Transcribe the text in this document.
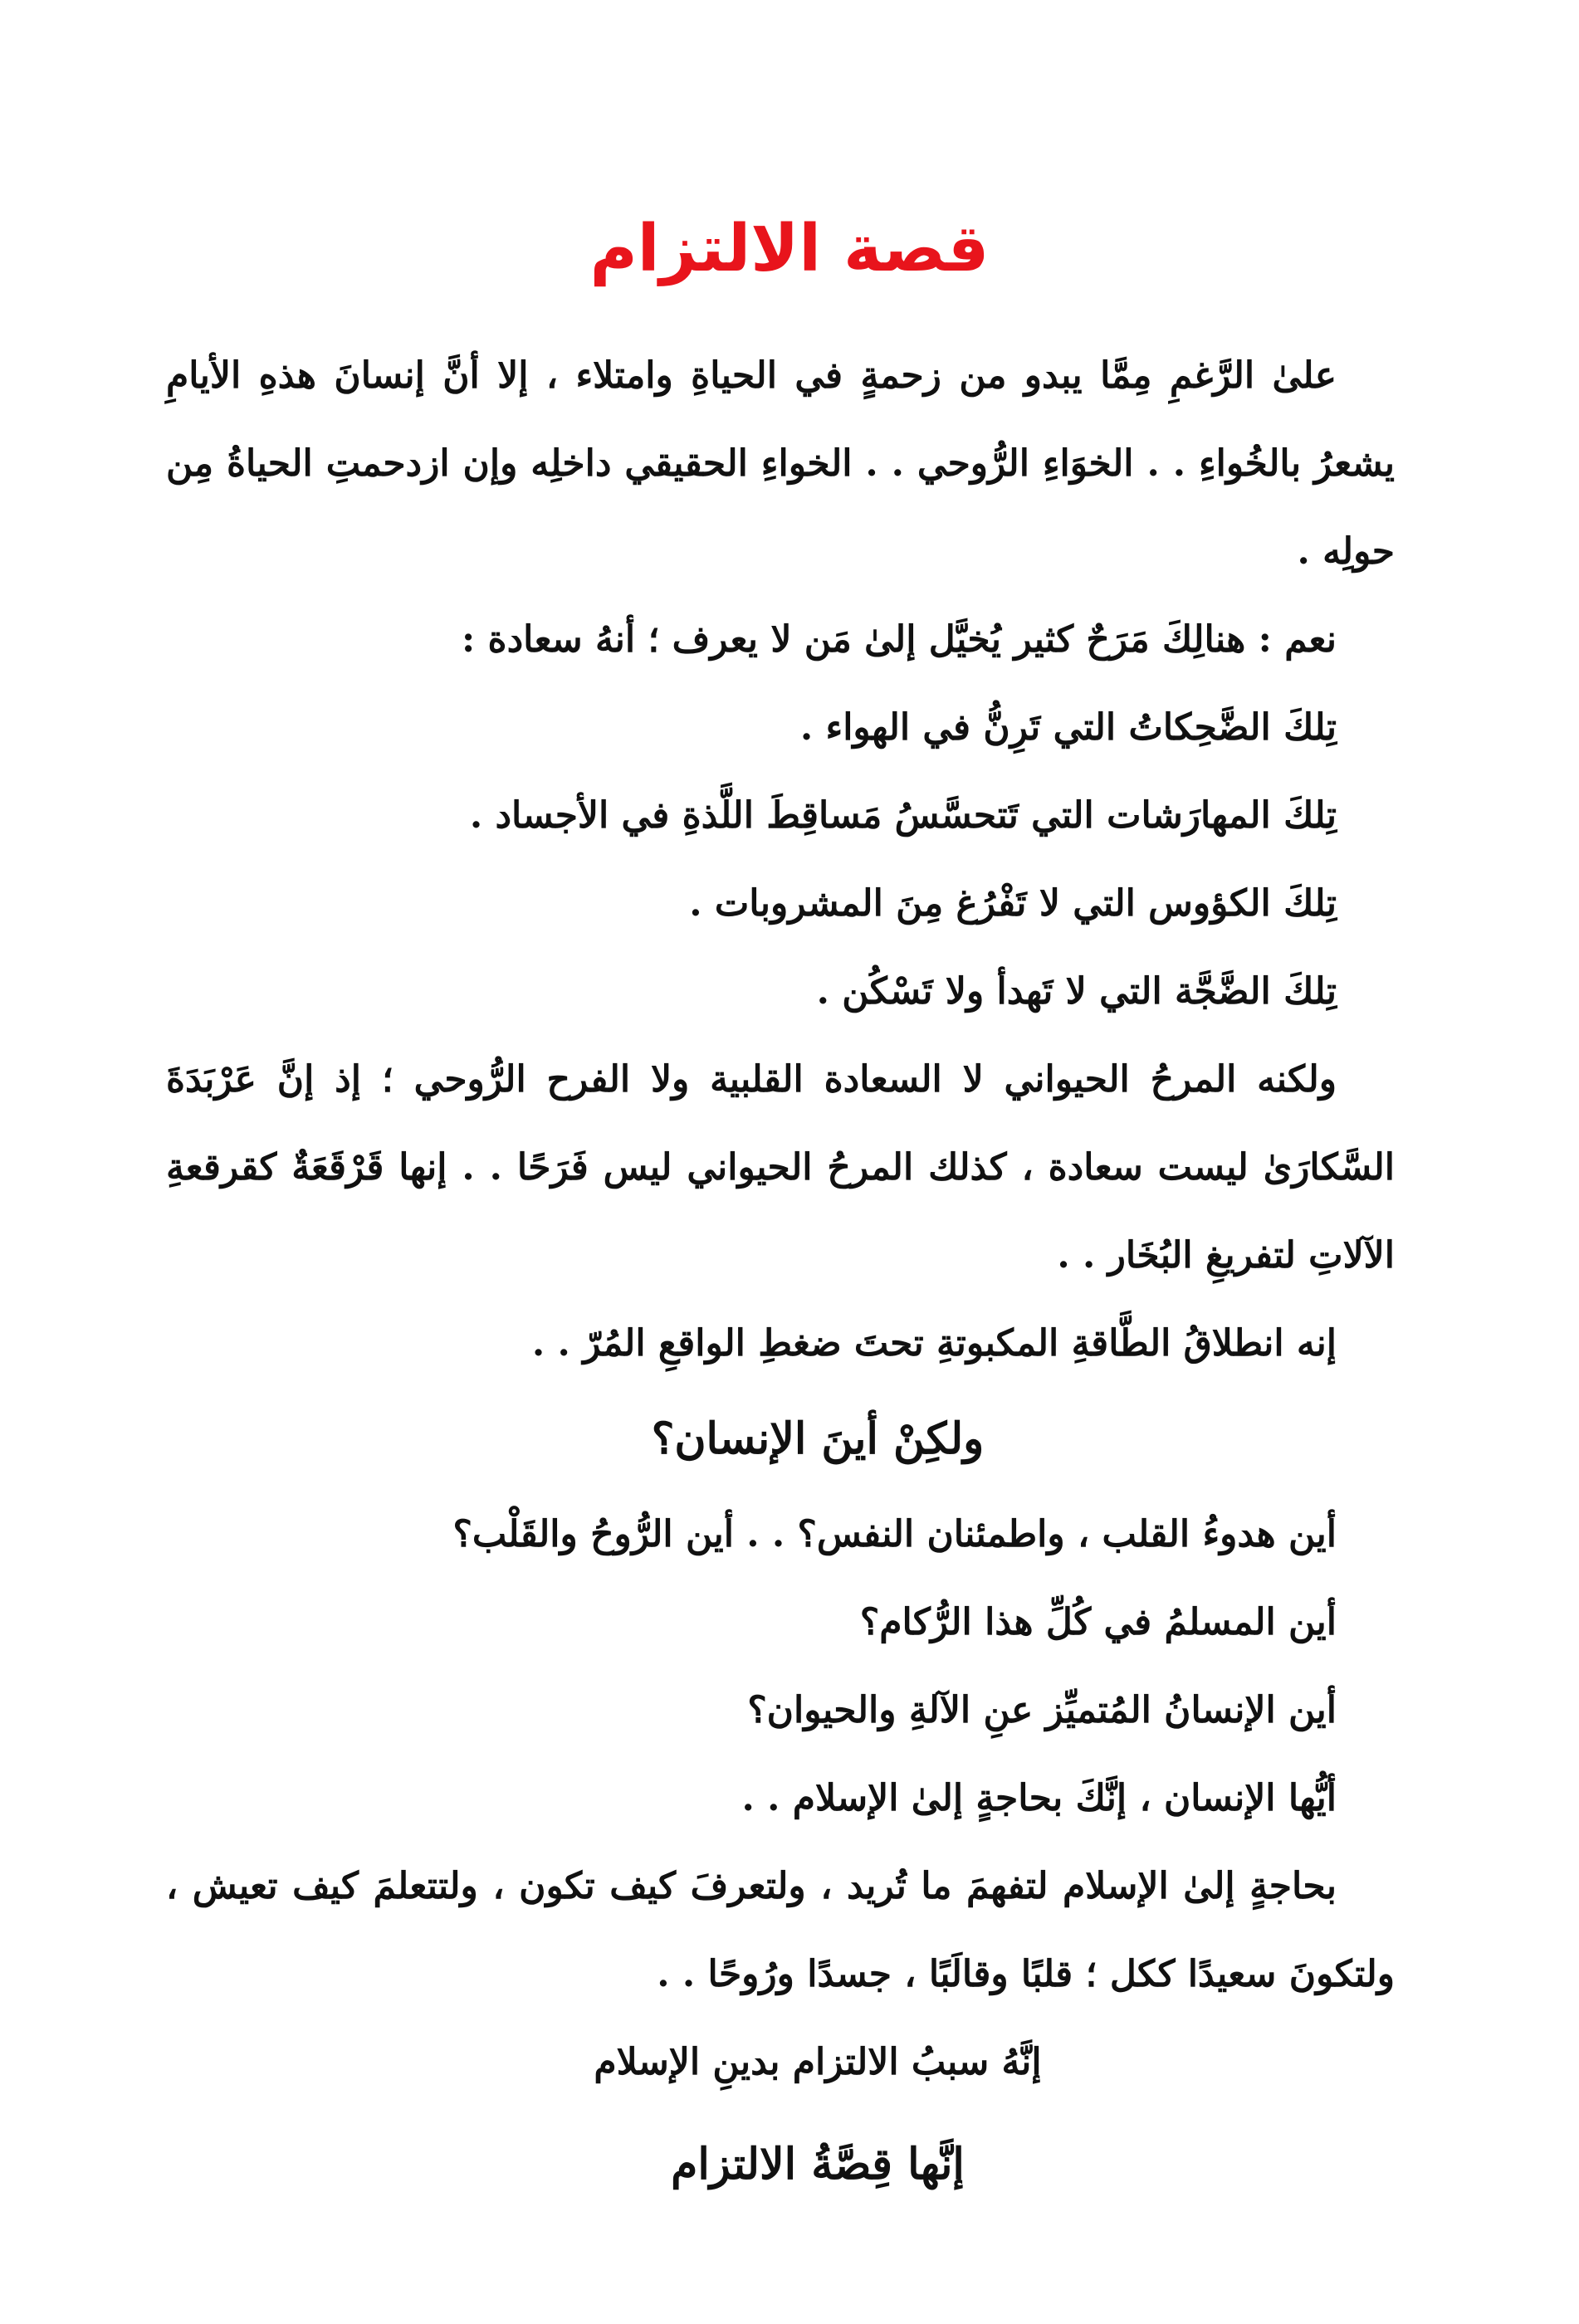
قصة الالتزام

علىٰ الرَّغمِ مِمَّا يبدو من زحمةٍ في الحياةِ وامتلاء ، إلا أنَّ إنسانَ هذهِ الأيامِ يشعرُ بالخُواءِ . . الخوَاءِ الرُّوحي . . الخواءِ الحقيقي داخلِه وإن ازدحمتِ الحياةُ مِن حولِه .

نعم : هنالِكَ مَرَحٌ كثير يُخيَّل إلىٰ مَن لا يعرف ؛ أنهُ سعادة :

تِلكَ الضَّحِكاتُ التي تَرِنُّ في الهواء .

تِلكَ المهارَشات التي تَتحسَّسُ مَساقِطَ اللَّذةِ في الأجساد .

تِلكَ الكؤوس التي لا تَفْرُغ مِنَ المشروبات .

تِلكَ الضَّجَّة التي لا تَهدأ ولا تَسْكُن .

ولكنه المرحُ الحيواني لا السعادة القلبية ولا الفرح الرُّوحي ؛ إذ إنَّ عَرْبَدَةَ السَّكارَىٰ ليست سعادة ، كذلك المرحُ الحيواني ليس فَرَحًا . . إنها قَرْقَعَةٌ كقرقعةِ الآلاتِ لتفريغِ البُخَار . .

إنه انطلاقُ الطَّاقةِ المكبوتةِ تحتَ ضغطِ الواقعِ المُرّ . .

ولكِنْ أينَ الإنسان؟

أين هدوءُ القلب ، واطمئنان النفس؟ . . أين الرُّوحُ والقَلْب؟

أين المسلمُ في كُلِّ هذا الرُّكام؟

أين الإنسانُ المُتميِّز عنِ الآلةِ والحيوان؟

أيُّها الإنسان ، إنَّكَ بحاجةٍ إلىٰ الإسلام . .

بحاجةٍ إلىٰ الإسلام لتفهمَ ما تُريد ، ولتعرفَ كيف تكون ، ولتتعلمَ كيف تعيش ، ولتكونَ سعيدًا ككل ؛ قلبًا وقالَبًا ، جسدًا ورُوحًا . .

إنَّهُ سببُ الالتزام بدينِ الإسلام

إنَّها قِصَّةُ الالتزام
